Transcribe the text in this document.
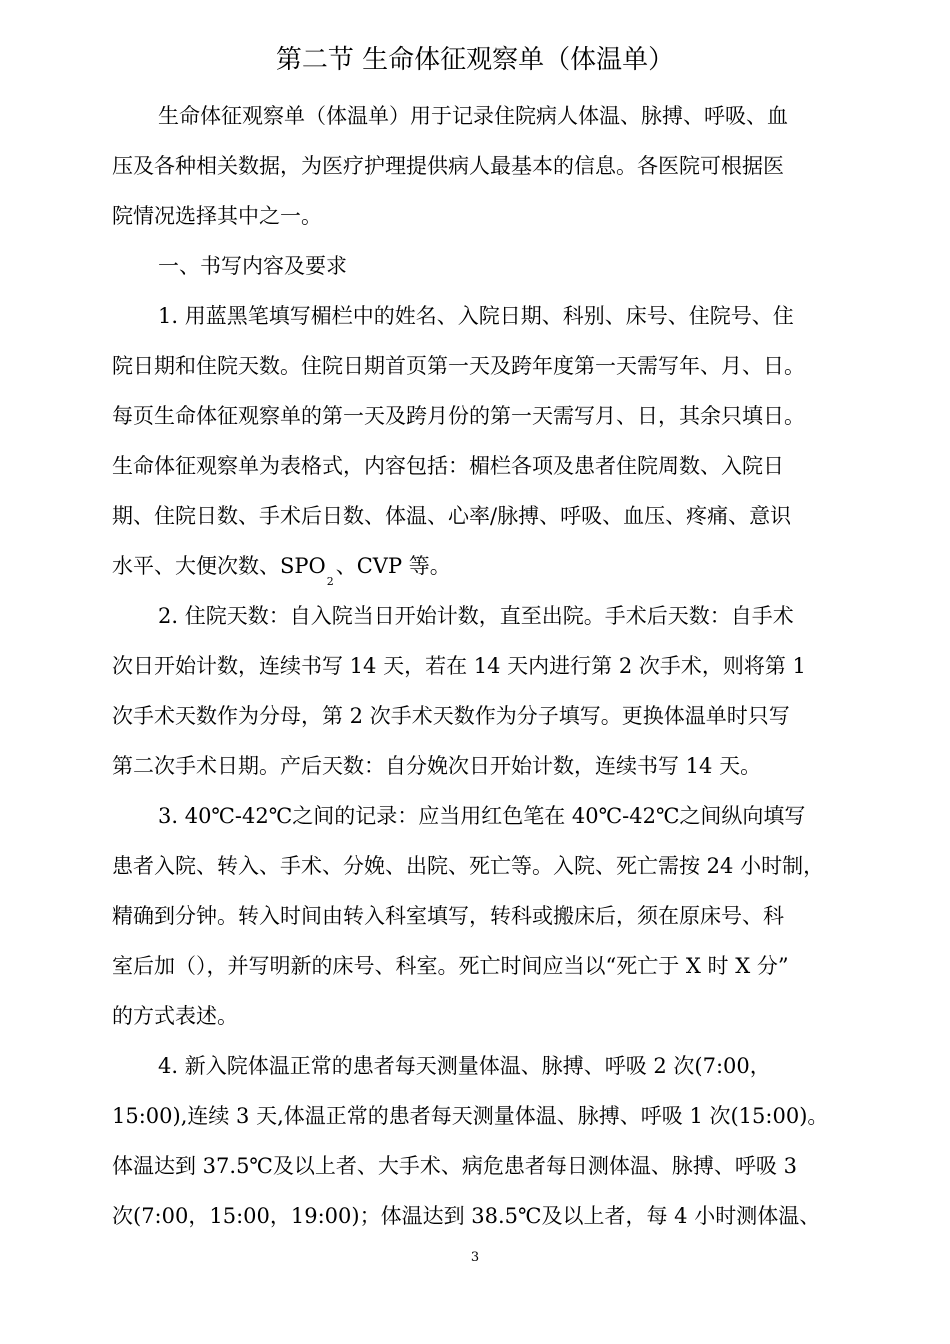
第二节 生命体征观察单（体温单）
生命体征观察单（体温单）用于记录住院病人体温、脉搏、呼吸、血
压及各种相关数据，为医疗护理提供病人最基本的信息。各医院可根据医
院情况选择其中之一。
一、书写内容及要求
1. 用蓝黑笔填写楣栏中的姓名、入院日期、科别、床号、住院号、住
院日期和住院天数。住院日期首页第一天及跨年度第一天需写年、月、日。
每页生命体征观察单的第一天及跨月份的第一天需写月、日，其余只填日。
生命体征观察单为表格式，内容包括：楣栏各项及患者住院周数、入院日
期、住院日数、手术后日数、体温、心率/脉搏、呼吸、血压、疼痛、意识
水平、大便次数、$SPO_2$、CVP 等。
2. 住院天数：自入院当日开始计数，直至出院。手术后天数：自手术
次日开始计数，连续书写 14 天，若在 14 天内进行第 2 次手术，则将第 1
次手术天数作为分母，第 2 次手术天数作为分子填写。更换体温单时只写
第二次手术日期。产后天数：自分娩次日开始计数，连续书写 14 天。
3. 40℃-42℃之间的记录：应当用红色笔在 40℃-42℃之间纵向填写
患者入院、转入、手术、分娩、出院、死亡等。入院、死亡需按 24 小时制，
精确到分钟。转入时间由转入科室填写，转科或搬床后，须在原床号、科
室后加（），并写明新的床号、科室。死亡时间应当以“死亡于 X 时 X 分”
的方式表述。
4. 新入院体温正常的患者每天测量体温、脉搏、呼吸 2 次(7:00，
15:00),连续 3 天,体温正常的患者每天测量体温、脉搏、呼吸 1 次(15:00)。
体温达到 37.5℃及以上者、大手术、病危患者每日测体温、脉搏、呼吸 3
次(7:00，15:00，19:00)；体温达到 38.5℃及以上者，每 4 小时测体温、
3
